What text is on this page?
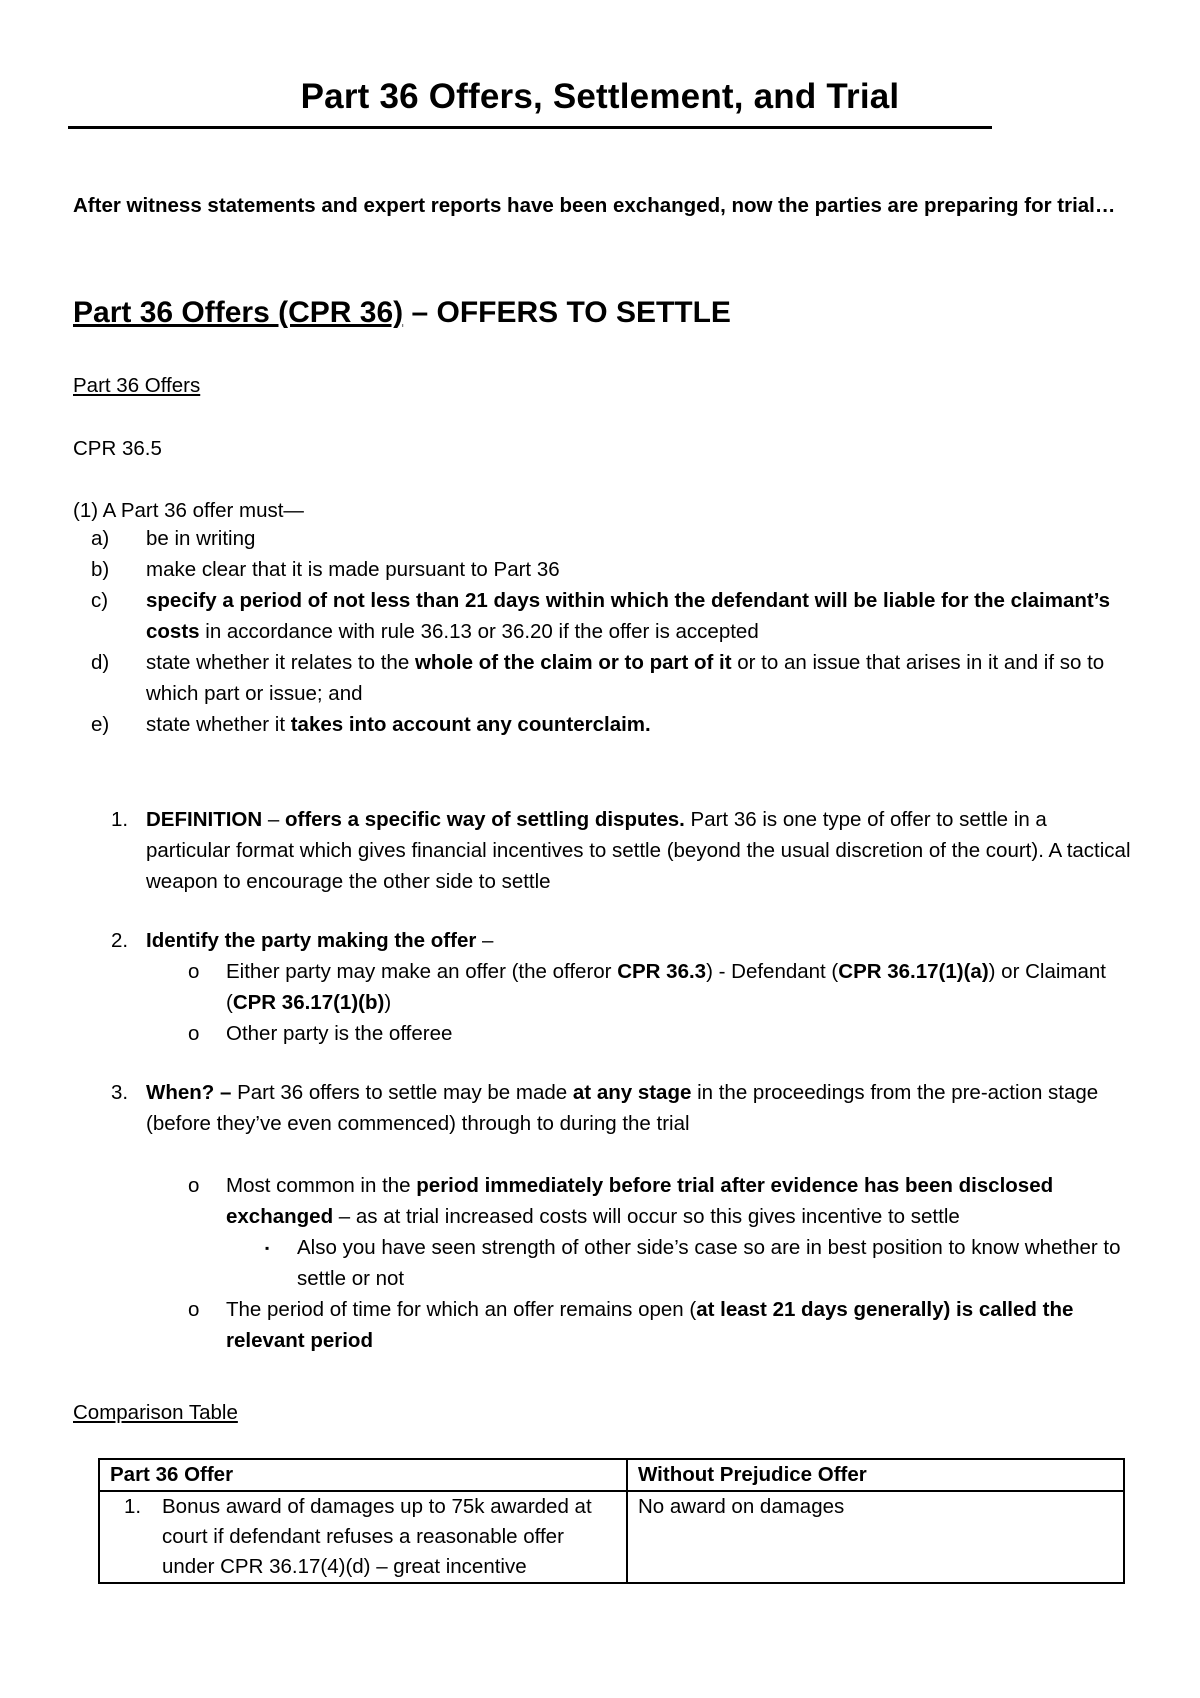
Part 36 Offers, Settlement, and Trial
After witness statements and expert reports have been exchanged, now the parties are preparing for trial…
Part 36 Offers (CPR 36) – OFFERS TO SETTLE
Part 36 Offers
CPR 36.5
(1) A Part 36 offer must—
a) be in writing
b) make clear that it is made pursuant to Part 36
c) specify a period of not less than 21 days within which the defendant will be liable for the claimant’s costs in accordance with rule 36.13 or 36.20 if the offer is accepted
d) state whether it relates to the whole of the claim or to part of it or to an issue that arises in it and if so to which part or issue; and
e) state whether it takes into account any counterclaim.
1. DEFINITION – offers a specific way of settling disputes. Part 36 is one type of offer to settle in a particular format which gives financial incentives to settle (beyond the usual discretion of the court). A tactical weapon to encourage the other side to settle
2. Identify the party making the offer –
o Either party may make an offer (the offeror CPR 36.3) - Defendant (CPR 36.17(1)(a)) or Claimant (CPR 36.17(1)(b))
o Other party is the offeree
3. When? – Part 36 offers to settle may be made at any stage in the proceedings from the pre-action stage (before they’ve even commenced) through to during the trial
o Most common in the period immediately before trial after evidence has been disclosed exchanged – as at trial increased costs will occur so this gives incentive to settle
▪ Also you have seen strength of other side’s case so are in best position to know whether to settle or not
o The period of time for which an offer remains open (at least 21 days generally) is called the relevant period
Comparison Table
Part 36 Offer	Without Prejudice Offer

1. Bonus award of damages up to 75k awarded at court if defendant refuses a reasonable offer under CPR 36.17(4)(d) – great incentive	No award on damages
